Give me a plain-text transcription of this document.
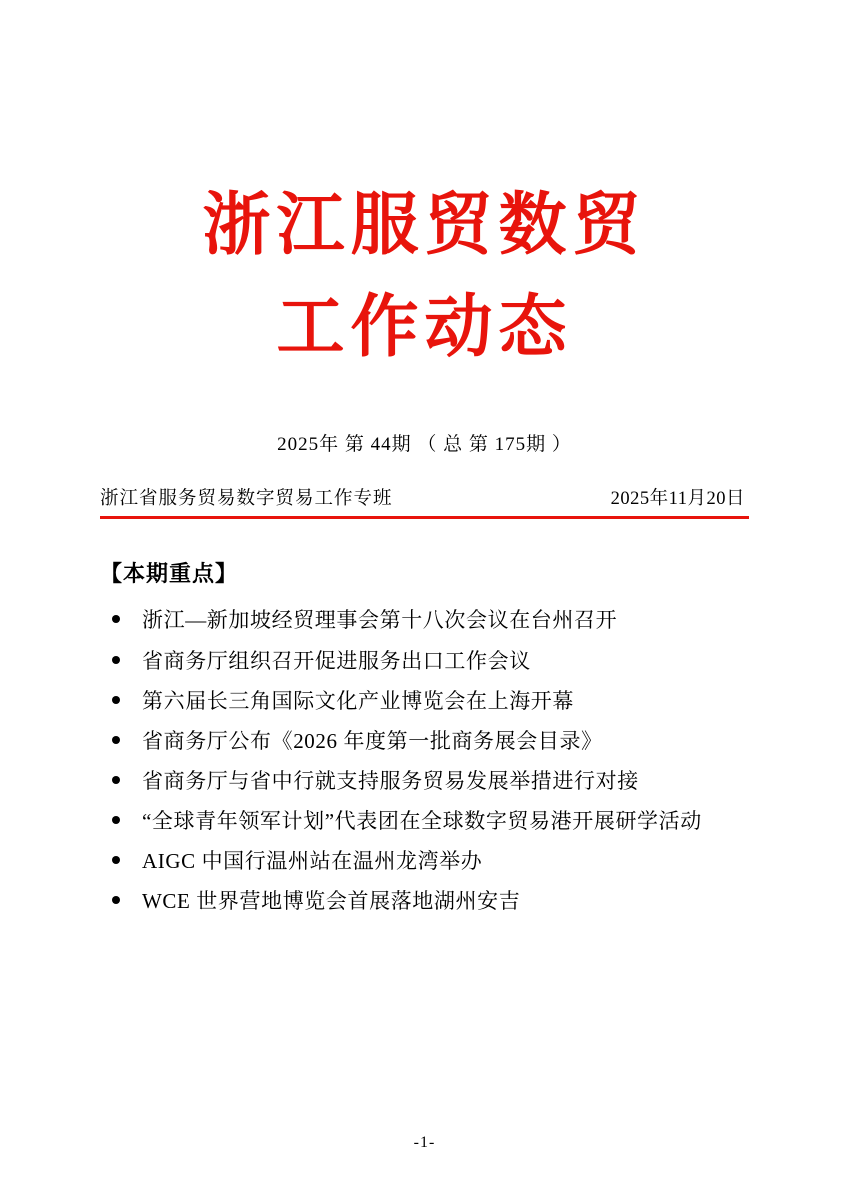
浙江服贸数贸
工作动态
2025年 第 44期 （ 总 第 175期 ）
浙江省服务贸易数字贸易工作专班	2025年11月20日
【本期重点】
浙江—新加坡经贸理事会第十八次会议在台州召开
省商务厅组织召开促进服务出口工作会议
第六届长三角国际文化产业博览会在上海开幕
省商务厅公布《2026 年度第一批商务展会目录》
省商务厅与省中行就支持服务贸易发展举措进行对接
“全球青年领军计划”代表团在全球数字贸易港开展研学活动
AIGC 中国行温州站在温州龙湾举办
WCE 世界营地博览会首展落地湖州安吉
-1-
